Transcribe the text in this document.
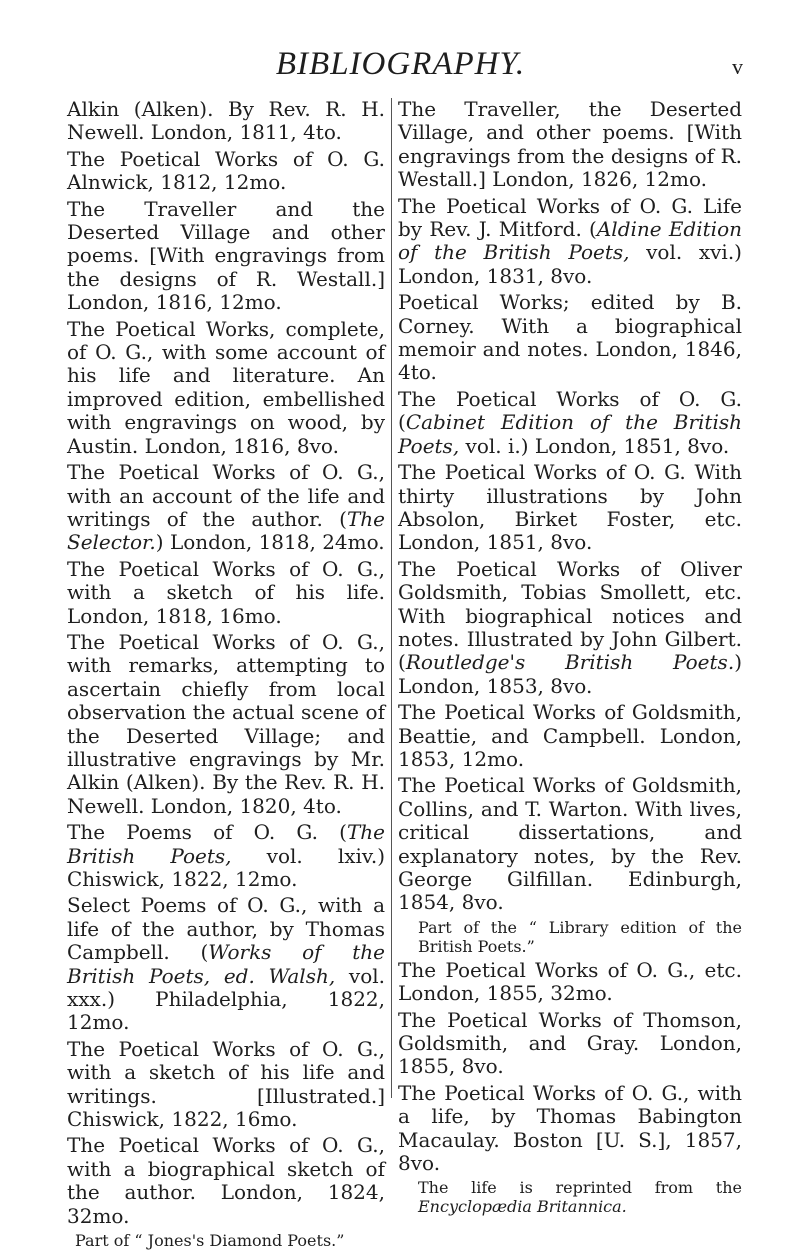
BIBLIOGRAPHY.	v

Alkin (Alken). By Rev. R. H. Newell. London, 1811, 4to.

The Poetical Works of O. G. Alnwick, 1812, 12mo.

The Traveller and the Deserted Village and other poems. [With engravings from the designs of R. Westall.] London, 1816, 12mo.

The Poetical Works, complete, of O. G., with some account of his life and literature. An improved edition, embellished with engravings on wood, by Austin. London, 1816, 8vo.

The Poetical Works of O. G., with an account of the life and writings of the author. (The Selector.) London, 1818, 24mo.

The Poetical Works of O. G., with a sketch of his life. London, 1818, 16mo.

The Poetical Works of O. G., with remarks, attempting to ascertain chiefly from local observation the actual scene of the Deserted Village; and illustrative engravings by Mr. Alkin (Alken). By the Rev. R. H. Newell. London, 1820, 4to.

The Poems of O. G. (The British Poets, vol. lxiv.) Chiswick, 1822, 12mo.

Select Poems of O. G., with a life of the author, by Thomas Campbell. (Works of the British Poets, ed. Walsh, vol. xxx.) Philadelphia, 1822, 12mo.

The Poetical Works of O. G., with a sketch of his life and writings. [Illustrated.] Chiswick, 1822, 16mo.

The Poetical Works of O. G., with a biographical sketch of the author. London, 1824, 32mo.

Part of “ Jones's Diamond Poets.”

The Traveller, the Deserted Village, and other poems. [With engravings from the designs of R. Westall.] London, 1826, 12mo.

The Poetical Works of O. G. Life by Rev. J. Mitford. (Aldine Edition of the British Poets, vol. xvi.) London, 1831, 8vo.

Poetical Works; edited by B. Corney. With a biographical memoir and notes. London, 1846, 4to.

The Poetical Works of O. G. (Cabinet Edition of the British Poets, vol. i.) London, 1851, 8vo.

The Poetical Works of O. G. With thirty illustrations by John Absolon, Birket Foster, etc. London, 1851, 8vo.

The Poetical Works of Oliver Goldsmith, Tobias Smollett, etc. With biographical notices and notes. Illustrated by John Gilbert. (Routledge's British Poets.) London, 1853, 8vo.

The Poetical Works of Goldsmith, Beattie, and Campbell. London, 1853, 12mo.

The Poetical Works of Goldsmith, Collins, and T. Warton. With lives, critical dissertations, and explanatory notes, by the Rev. George Gilfillan. Edinburgh, 1854, 8vo.

Part of the “ Library edition of the British Poets.”

The Poetical Works of O. G., etc. London, 1855, 32mo.

The Poetical Works of Thomson, Goldsmith, and Gray. London, 1855, 8vo.

The Poetical Works of O. G., with a life, by Thomas Babington Macaulay. Boston [U. S.], 1857, 8vo.

The life is reprinted from the Encyclopædia Britannica.
